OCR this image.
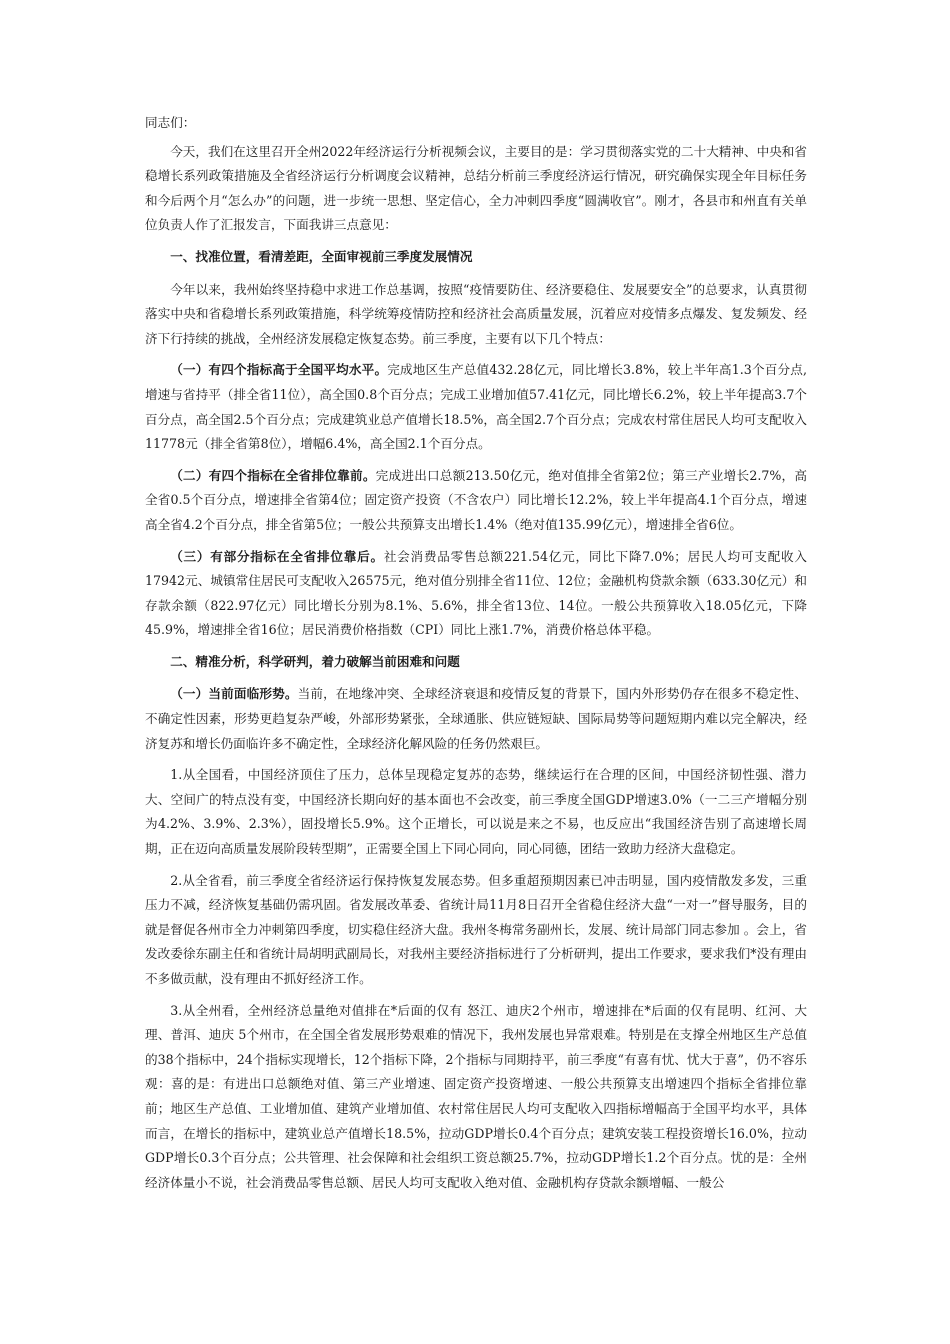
同志们：

今天，我们在这里召开全州2022年经济运行分析视频会议，主要目的是：学习贯彻落实党的二十大精神、中央和省稳增长系列政策措施及全省经济运行分析调度会议精神，总结分析前三季度经济运行情况，研究确保实现全年目标任务和今后两个月“怎么办”的问题，进一步统一思想、坚定信心，全力冲刺四季度“圆满收官”。刚才，各县市和州直有关单位负责人作了汇报发言，下面我讲三点意见：

一、找准位置，看清差距，全面审视前三季度发展情况

今年以来，我州始终坚持稳中求进工作总基调，按照“疫情要防住、经济要稳住、发展要安全”的总要求，认真贯彻落实中央和省稳增长系列政策措施，科学统筹疫情防控和经济社会高质量发展，沉着应对疫情多点爆发、复发频发、经济下行持续的挑战，全州经济发展稳定恢复态势。前三季度，主要有以下几个特点：

（一）有四个指标高于全国平均水平。完成地区生产总值432.28亿元，同比增长3.8%，较上半年高1.3个百分点,增速与省持平（排全省11位），高全国0.8个百分点；完成工业增加值57.41亿元，同比增长6.2%，较上半年提高3.7个百分点，高全国2.5个百分点；完成建筑业总产值增长18.5%，高全国2.7个百分点；完成农村常住居民人均可支配收入11778元（排全省第8位），增幅6.4%，高全国2.1个百分点。

（二）有四个指标在全省排位靠前。完成进出口总额213.50亿元，绝对值排全省第2位；第三产业增长2.7%，高全省0.5个百分点，增速排全省第4位；固定资产投资（不含农户）同比增长12.2%，较上半年提高4.1个百分点，增速高全省4.2个百分点，排全省第5位；一般公共预算支出增长1.4%（绝对值135.99亿元），增速排全省6位。

（三）有部分指标在全省排位靠后。社会消费品零售总额221.54亿元，同比下降7.0%；居民人均可支配收入17942元、城镇常住居民可支配收入26575元，绝对值分别排全省11位、12位；金融机构贷款余额（633.30亿元）和存款余额（822.97亿元）同比增长分别为8.1%、5.6%，排全省13位、14位。一般公共预算收入18.05亿元，下降45.9%，增速排全省16位；居民消费价格指数（CPI）同比上涨1.7%，消费价格总体平稳。

二、精准分析，科学研判，着力破解当前困难和问题

（一）当前面临形势。当前，在地缘冲突、全球经济衰退和疫情反复的背景下，国内外形势仍存在很多不稳定性、不确定性因素，形势更趋复杂严峻，外部形势紧张，全球通胀、供应链短缺、国际局势等问题短期内难以完全解决，经济复苏和增长仍面临许多不确定性，全球经济化解风险的任务仍然艰巨。

1.从全国看，中国经济顶住了压力，总体呈现稳定复苏的态势，继续运行在合理的区间，中国经济韧性强、潜力大、空间广的特点没有变，中国经济长期向好的基本面也不会改变，前三季度全国GDP增速3.0%（一二三产增幅分别为4.2%、3.9%、2.3%），固投增长5.9%。这个正增长，可以说是来之不易，也反应出“我国经济告别了高速增长周期，正在迈向高质量发展阶段转型期”，正需要全国上下同心同向，同心同德，团结一致助力经济大盘稳定。

2.从全省看，前三季度全省经济运行保持恢复发展态势。但多重超预期因素已冲击明显，国内疫情散发多发，三重压力不减，经济恢复基础仍需巩固。省发展改革委、省统计局11月8日召开全省稳住经济大盘“一对一”督导服务，目的就是督促各州市全力冲刺第四季度，切实稳住经济大盘。我州冬梅常务副州长，发展、统计局部门同志参加 。会上，省发改委徐东副主任和省统计局胡明武副局长，对我州主要经济指标进行了分析研判，提出工作要求，要求我们*没有理由不多做贡献，没有理由不抓好经济工作。

3.从全州看，全州经济总量绝对值排在*后面的仅有 怒江、迪庆2个州市，增速排在*后面的仅有昆明、红河、大理、普洱、迪庆 5个州市，在全国全省发展形势艰难的情况下，我州发展也异常艰难。特别是在支撑全州地区生产总值的38个指标中，24个指标实现增长，12个指标下降，2个指标与同期持平，前三季度“有喜有忧、忧大于喜”，仍不容乐观：喜的是：有进出口总额绝对值、第三产业增速、固定资产投资增速、一般公共预算支出增速四个指标全省排位靠前；地区生产总值、工业增加值、建筑产业增加值、农村常住居民人均可支配收入四指标增幅高于全国平均水平，具体而言，在增长的指标中，建筑业总产值增长18.5%，拉动GDP增长0.4个百分点；建筑安装工程投资增长16.0%，拉动GDP增长0.3个百分点；公共管理、社会保障和社会组织工资总额25.7%，拉动GDP增长1.2个百分点。忧的是：全州经济体量小不说，社会消费品零售总额、居民人均可支配收入绝对值、金融机构存贷款余额增幅、一般公
